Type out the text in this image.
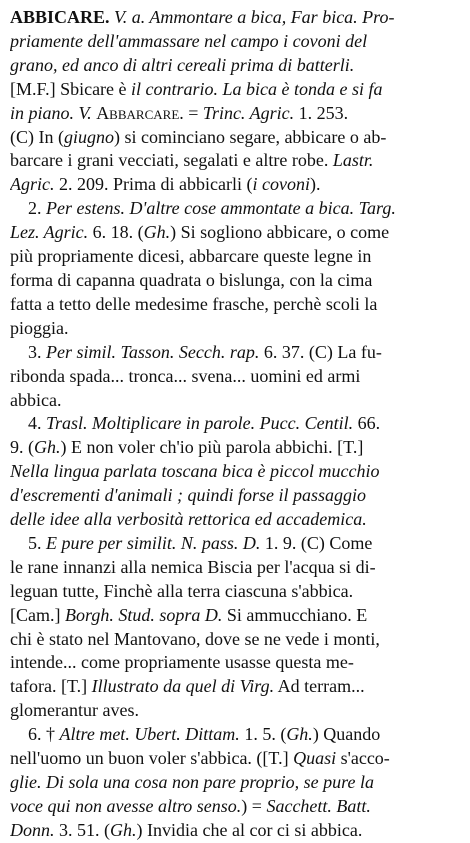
ABBICARE. V. a. Ammontare a bica, Far bica. Pro-
priamente dell'ammassare nel campo i covoni del
grano, ed anco di altri cereali prima di batterli.
[M.F.] Sbicare è il contrario. La bica è tonda e si fa
in piano. V. Abbarcare. = Trinc. Agric. 1. 253.
(C) In (giugno) si cominciano segare, abbicare o ab-
barcare i grani vecciati, segalati e altre robe. Lastr.
Agric. 2. 209. Prima di abbicarli (i covoni).
2. Per estens. D'altre cose ammontate a bica. Targ.
Lez. Agric. 6. 18. (Gh.) Si sogliono abbicare, o come
più propriamente dicesi, abbarcare queste legne in
forma di capanna quadrata o bislunga, con la cima
fatta a tetto delle medesime frasche, perchè scoli la
pioggia.
3. Per simil. Tasson. Secch. rap. 6. 37. (C) La fu-
ribonda spada... tronca... svena... uomini ed armi
abbica.
4. Trasl. Moltiplicare in parole. Pucc. Centil. 66.
9. (Gh.) E non voler ch'io più parola abbichi. [T.]
Nella lingua parlata toscana bica è piccol mucchio
d'escrementi d'animali ; quindi forse il passaggio
delle idee alla verbosità rettorica ed accademica.
5. E pure per similit. N. pass. D. 1. 9. (C) Come
le rane innanzi alla nemica Biscia per l'acqua si di-
leguan tutte, Finchè alla terra ciascuna s'abbica.
[Cam.] Borgh. Stud. sopra D. Si ammucchiano. E
chi è stato nel Mantovano, dove se ne vede i monti,
intende... come propriamente usasse questa me-
tafora. [T.] Illustrato da quel di Virg. Ad terram...
glomerantur aves.
6. † Altre met. Ubert. Dittam. 1. 5. (Gh.) Quando
nell'uomo un buon voler s'abbica. ([T.] Quasi s'acco-
glie. Di sola una cosa non pare proprio, se pure la
voce qui non avesse altro senso.) = Sacchett. Batt.
Donn. 3. 51. (Gh.) Invidia che al cor ci si abbica.
